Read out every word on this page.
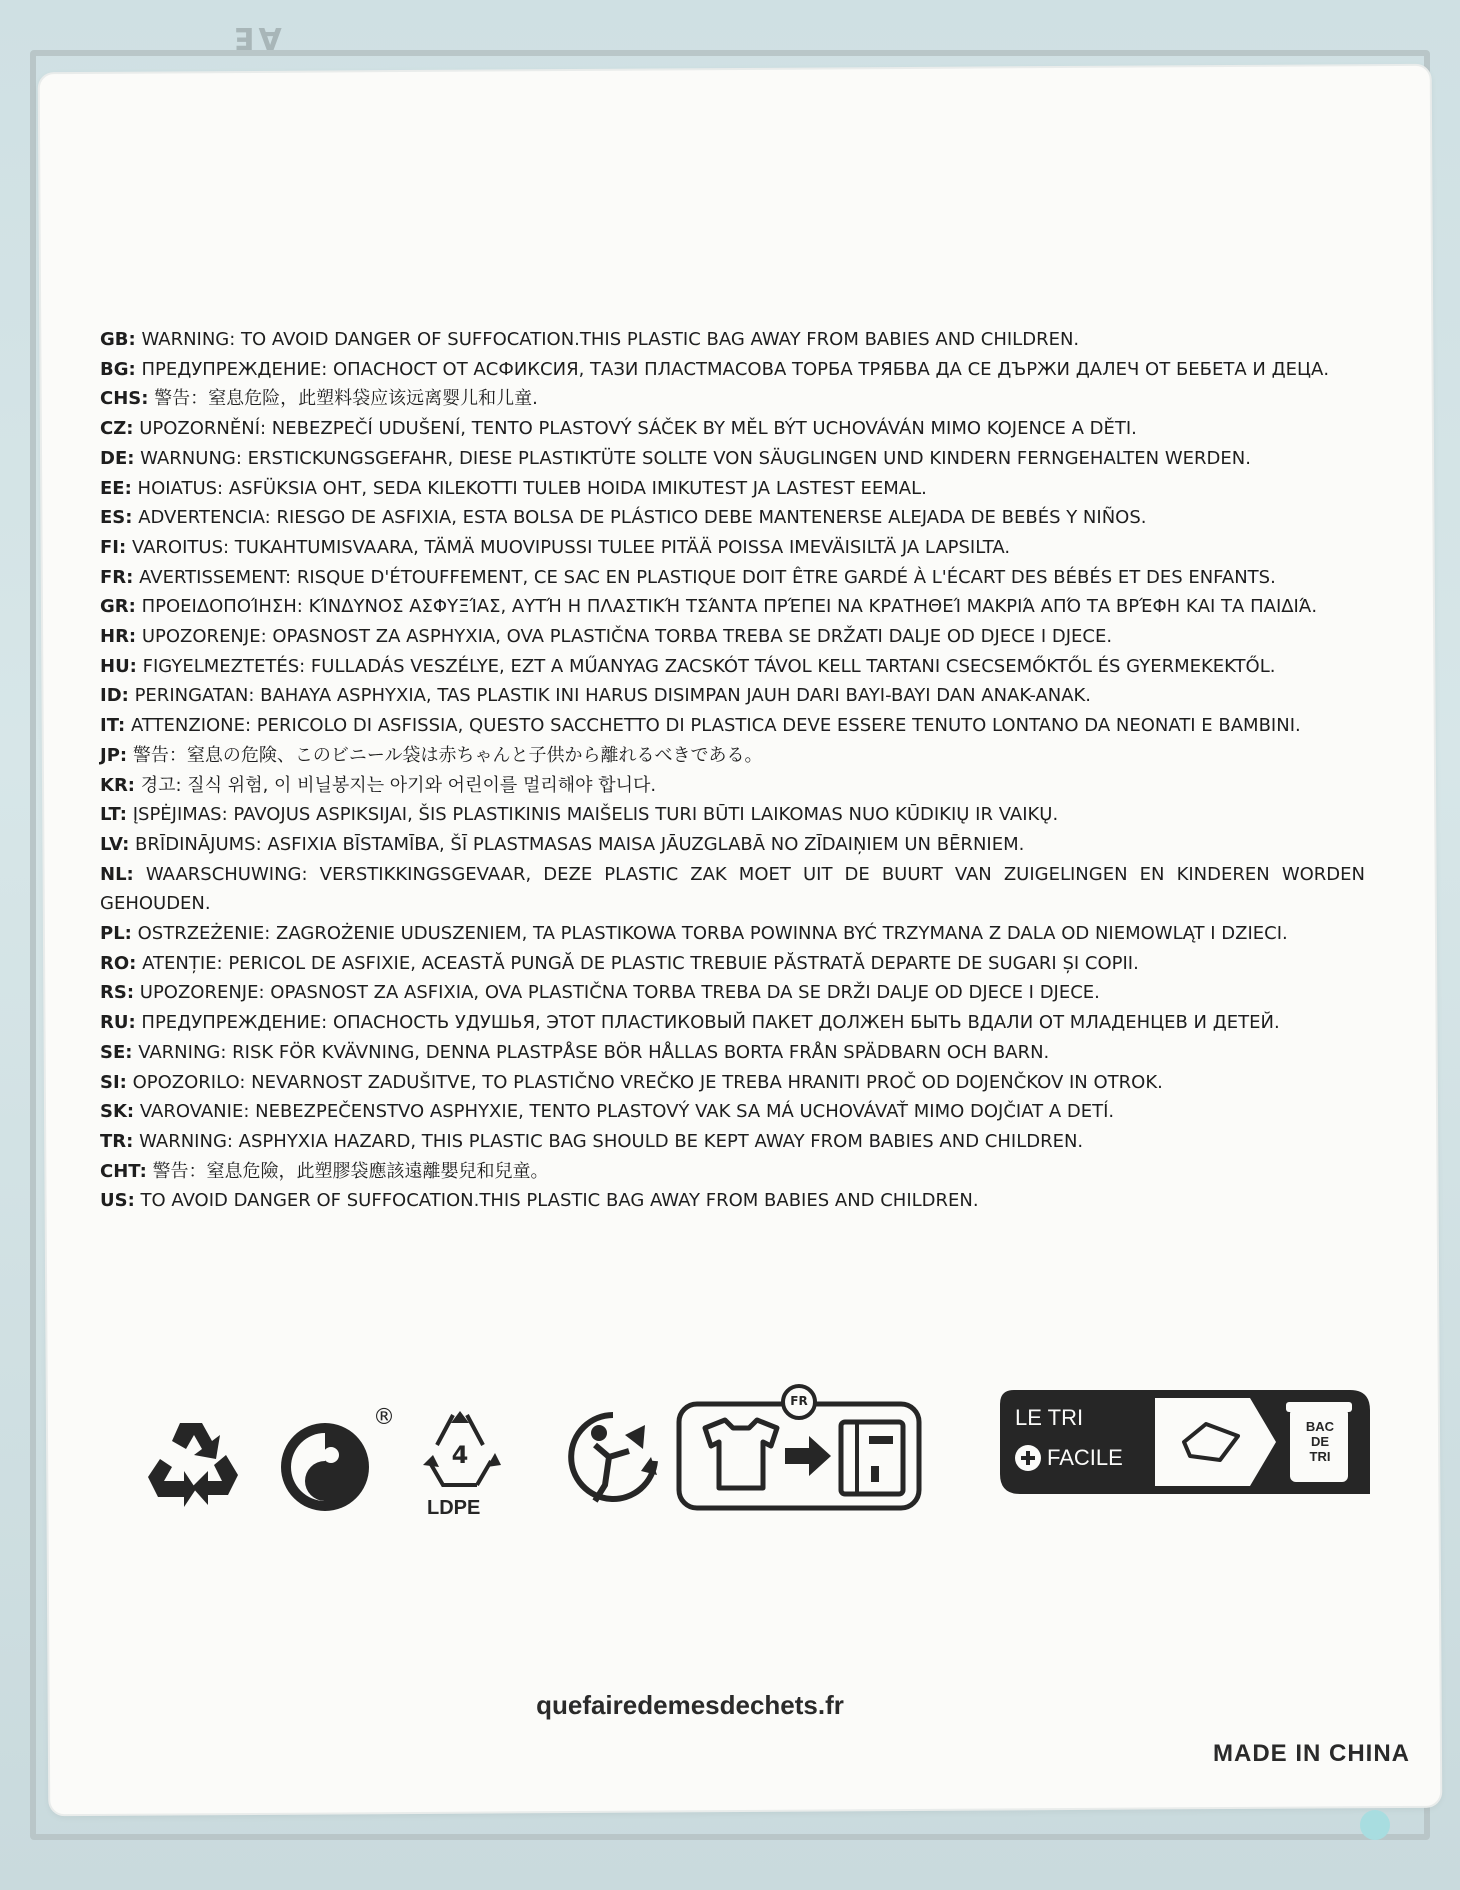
AE

GB: WARNING: TO AVOID DANGER OF SUFFOCATION.THIS PLASTIC BAG AWAY FROM BABIES AND CHILDREN.

BG: ПРЕДУПРЕЖДЕНИЕ: ОПАСНОСТ ОТ АСФИКСИЯ, ТАЗИ ПЛАСТМАСОВА ТОРБА ТРЯБВА ДА СЕ ДЪРЖИ ДАЛЕЧ ОТ БЕБЕТА И ДЕЦА.

CHS: 警告：窒息危险，此塑料袋应该远离婴儿和儿童.

CZ: UPOZORNĚNÍ: NEBEZPEČÍ UDUŠENÍ, TENTO PLASTOVÝ SÁČEK BY MĚL BÝT UCHOVÁVÁN MIMO KOJENCE A DĚTI.

DE: WARNUNG: ERSTICKUNGSGEFAHR, DIESE PLASTIKTÜTE SOLLTE VON SÄUGLINGEN UND KINDERN FERNGEHALTEN WERDEN.

EE: HOIATUS: ASFÜKSIA OHT, SEDA KILEKOTTI TULEB HOIDA IMIKUTEST JA LASTEST EEMAL.

ES: ADVERTENCIA: RIESGO DE ASFIXIA, ESTA BOLSA DE PLÁSTICO DEBE MANTENERSE ALEJADA DE BEBÉS Y NIÑOS.

FI: VAROITUS: TUKAHTUMISVAARA, TÄMÄ MUOVIPUSSI TULEE PITÄÄ POISSA IMEVÄISILTÄ JA LAPSILTA.

FR: AVERTISSEMENT: RISQUE D'ÉTOUFFEMENT, CE SAC EN PLASTIQUE DOIT ÊTRE GARDÉ À L'ÉCART DES BÉBÉS ET DES ENFANTS.

GR: ΠΡΟΕΙΔΟΠΟΊΗΣΗ: ΚΊΝΔΥΝΟΣ ΑΣΦΥΞΊΑΣ, ΑΥΤΉ Η ΠΛΑΣΤΙΚΉ ΤΣΆΝΤΑ ΠΡΈΠΕΙ ΝΑ ΚΡΑΤΗΘΕΊ ΜΑΚΡΙΆ ΑΠΌ ΤΑ ΒΡΈΦΗ ΚΑΙ ΤΑ ΠΑΙΔΙΆ.

HR: UPOZORENJE: OPASNOST ZA ASPHYXIA, OVA PLASTIČNA TORBA TREBA SE DRŽATI DALJE OD DJECE I DJECE.

HU: FIGYELMEZTETÉS: FULLADÁS VESZÉLYE, EZT A MŰANYAG ZACSKÓT TÁVOL KELL TARTANI CSECSEMŐKTŐL ÉS GYERMEKEKTŐL.

ID: PERINGATAN: BAHAYA ASPHYXIA, TAS PLASTIK INI HARUS DISIMPAN JAUH DARI BAYI-BAYI DAN ANAK-ANAK.

IT: ATTENZIONE: PERICOLO DI ASFISSIA, QUESTO SACCHETTO DI PLASTICA DEVE ESSERE TENUTO LONTANO DA NEONATI E BAMBINI.

JP: 警告：窒息の危険、このビニール袋は赤ちゃんと子供から離れるべきである。

KR: 경고: 질식 위험, 이 비닐봉지는 아기와 어린이를 멀리해야 합니다.

LT: ĮSPĖJIMAS: PAVOJUS ASPIKSIJAI, ŠIS PLASTIKINIS MAIŠELIS TURI BŪTI LAIKOMAS NUO KŪDIKIŲ IR VAIKŲ.

LV: BRĪDINĀJUMS: ASFIXIA BĪSTAMĪBA, ŠĪ PLASTMASAS MAISA JĀUZGLABĀ NO ZĪDAIŅIEM UN BĒRNIEM.

NL: WAARSCHUWING: VERSTIKKINGSGEVAAR, DEZE PLASTIC ZAK MOET UIT DE BUURT VAN ZUIGELINGEN EN KINDEREN WORDEN GEHOUDEN.

PL: OSTRZEŻENIE: ZAGROŻENIE UDUSZENIEM, TA PLASTIKOWA TORBA POWINNA BYĆ TRZYMANA Z DALA OD NIEMOWLĄT I DZIECI.

RO: ATENȚIE: PERICOL DE ASFIXIE, ACEASTĂ PUNGĂ DE PLASTIC TREBUIE PĂSTRATĂ DEPARTE DE SUGARI ȘI COPII.

RS: UPOZORENJE: OPASNOST ZA ASFIXIA, OVA PLASTIČNA TORBA TREBA DA SE DRŽI DALJE OD DJECE I DJECE.

RU: ПРЕДУПРЕЖДЕНИЕ: ОПАСНОСТЬ УДУШЬЯ, ЭТОТ ПЛАСТИКОВЫЙ ПАКЕТ ДОЛЖЕН БЫТЬ ВДАЛИ ОТ МЛАДЕНЦЕВ И ДЕТЕЙ.

SE: VARNING: RISK FÖR KVÄVNING, DENNA PLASTPÅSE BÖR HÅLLAS BORTA FRÅN SPÄDBARN OCH BARN.

SI: OPOZORILO: NEVARNOST ZADUŠITVE, TO PLASTIČNO VREČKO JE TREBA HRANITI PROČ OD DOJENČKOV IN OTROK.

SK: VAROVANIE: NEBEZPEČENSTVO ASPHYXIE, TENTO PLASTOVÝ VAK SA MÁ UCHOVÁVAŤ MIMO DOJČIAT A DETÍ.

TR: WARNING: ASPHYXIA HAZARD, THIS PLASTIC BAG SHOULD BE KEPT AWAY FROM BABIES AND CHILDREN.

CHT: 警告：窒息危險，此塑膠袋應該遠離嬰兒和兒童。

US: TO AVOID DANGER OF SUFFOCATION.THIS PLASTIC BAG AWAY FROM BABIES AND CHILDREN.

®
4
LDPE
FR
LE TRI
FACILE
BAC
DE
TRI
quefairedemesdechets.fr
MADE IN CHINA
